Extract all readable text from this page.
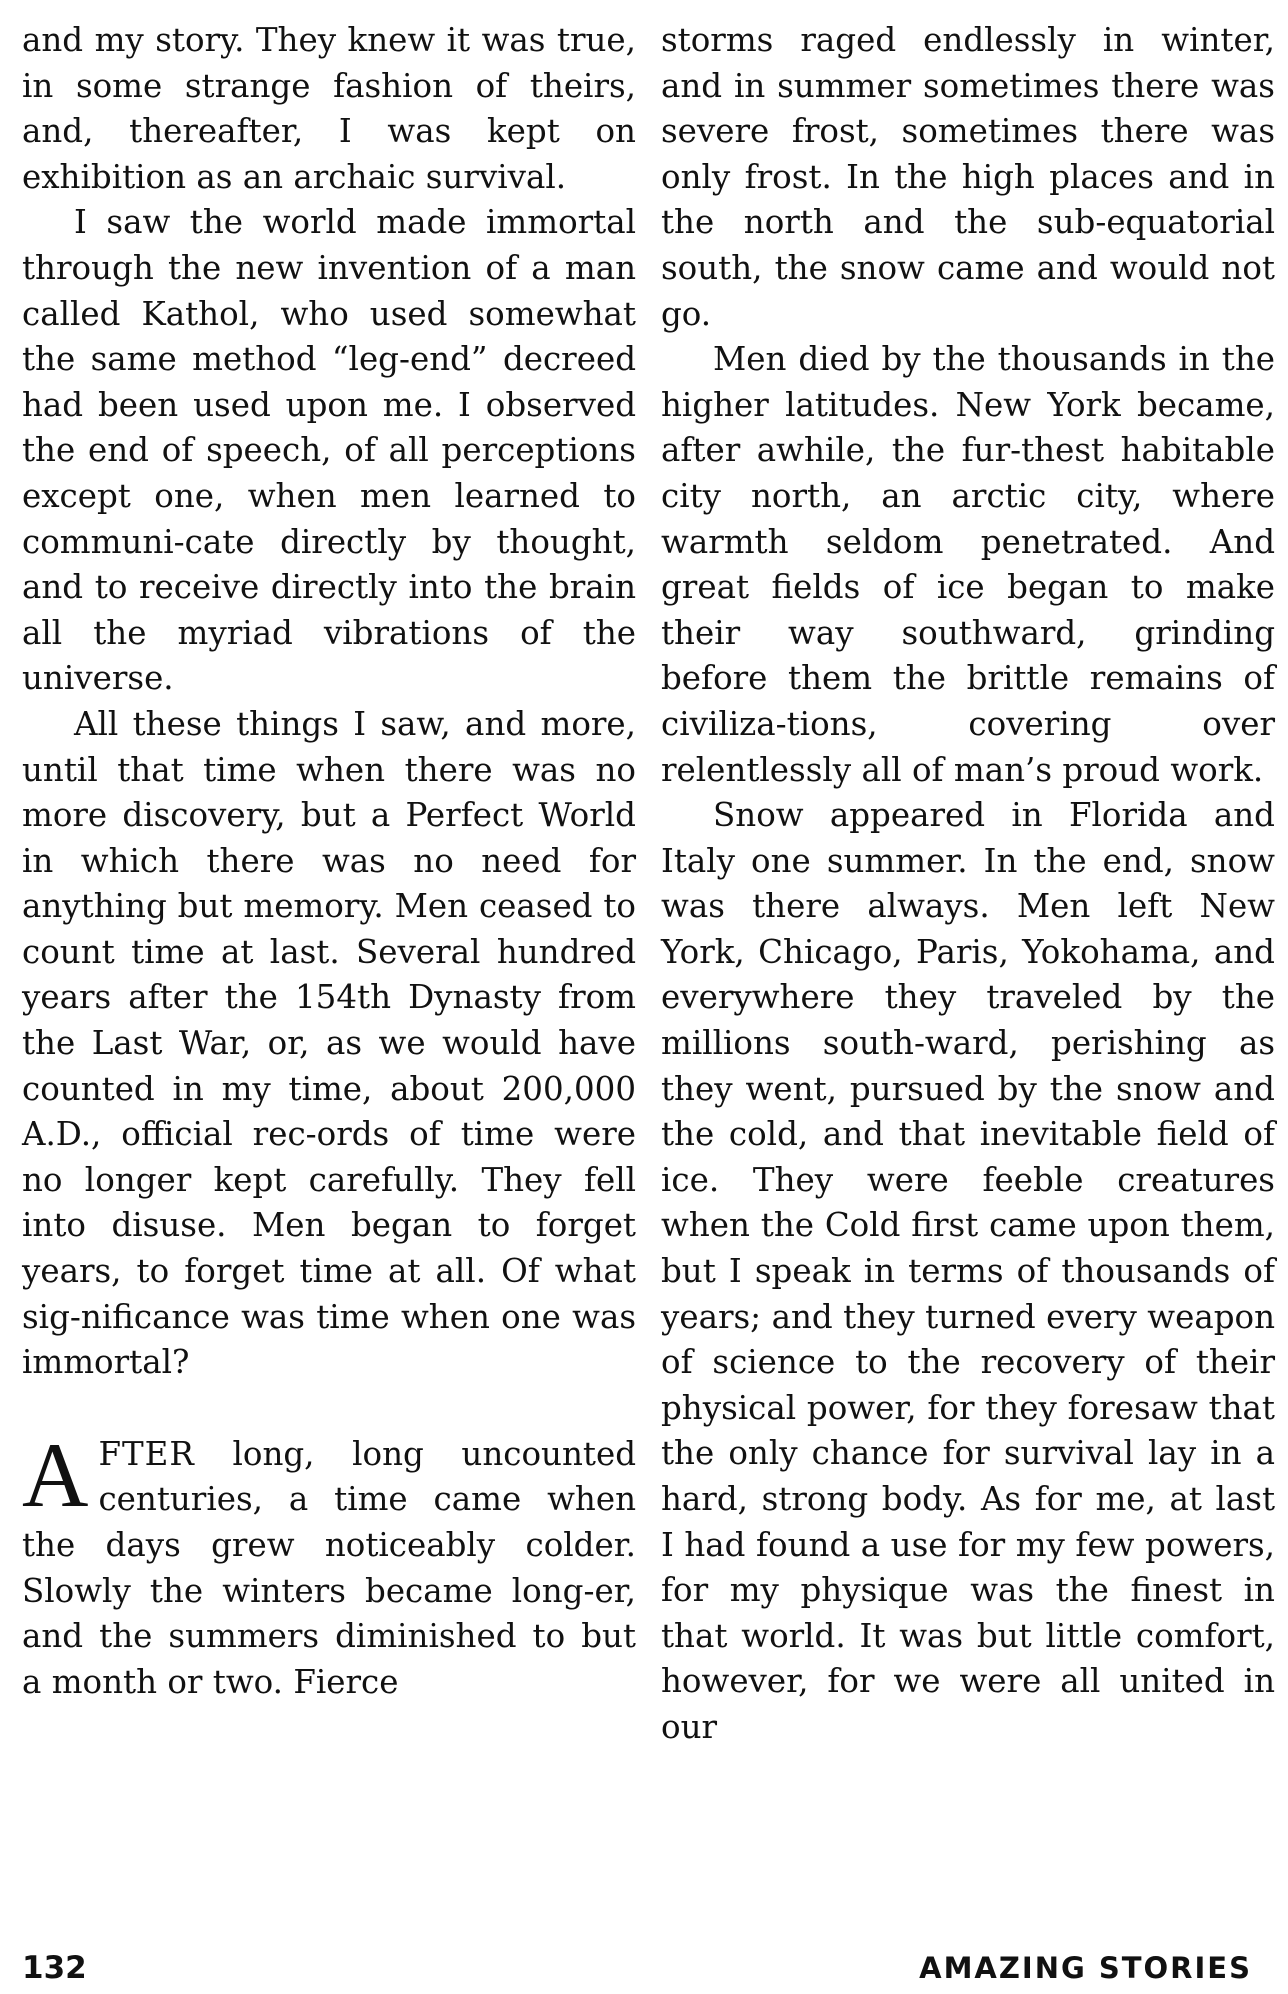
and my story. They knew it was true, in some strange fashion of theirs, and, thereafter, I was kept on exhibition as an archaic survival.

I saw the world made immortal through the new invention of a man called Kathol, who used somewhat the same method “leg-end” decreed had been used upon me. I observed the end of speech, of all perceptions except one, when men learned to communi-cate directly by thought, and to receive directly into the brain all the myriad vibrations of the universe.

All these things I saw, and more, until that time when there was no more discovery, but a Perfect World in which there was no need for anything but memory. Men ceased to count time at last. Several hundred years after the 154th Dynasty from the Last War, or, as we would have counted in my time, about 200,000 A.D., official rec-ords of time were no longer kept carefully. They fell into disuse. Men began to forget years, to forget time at all. Of what sig-nificance was time when one was immortal?

AFTER long, long uncounted centuries, a time came when the days grew noticeably colder. Slowly the winters became long-er, and the summers diminished to but a month or two. Fierce

storms raged endlessly in winter, and in summer sometimes there was severe frost, sometimes there was only frost. In the high places and in the north and the sub-equatorial south, the snow came and would not go.

Men died by the thousands in the higher latitudes. New York became, after awhile, the fur-thest habitable city north, an arctic city, where warmth seldom penetrated. And great fields of ice began to make their way southward, grinding before them the brittle remains of civiliza-tions, covering over relentlessly all of man’s proud work.

Snow appeared in Florida and Italy one summer. In the end, snow was there always. Men left New York, Chicago, Paris, Yokohama, and everywhere they traveled by the millions south-ward, perishing as they went, pursued by the snow and the cold, and that inevitable field of ice. They were feeble creatures when the Cold first came upon them, but I speak in terms of thousands of years; and they turned every weapon of science to the recovery of their physical power, for they foresaw that the only chance for survival lay in a hard, strong body. As for me, at last I had found a use for my few powers, for my physique was the finest in that world. It was but little comfort, however, for we were all united in our

132	AMAZING STORIES
